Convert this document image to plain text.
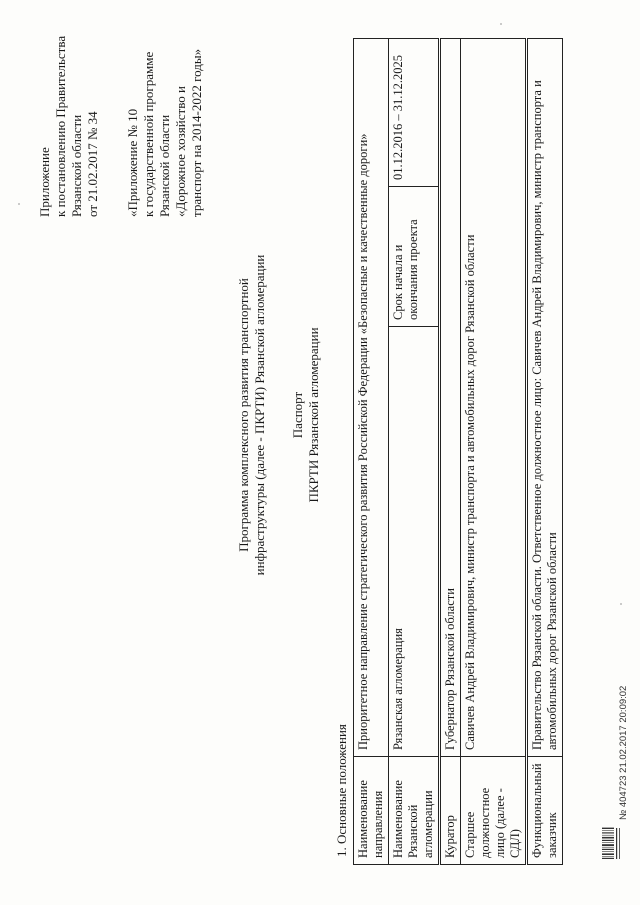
Приложение к постановлению Правительства Рязанской области от 21.02.2017 № 34 «Приложение № 10 к государственной программе Рязанской области «Дорожное хозяйство и транспорт на 2014-2022 годы»
Программа комплексного развития транспортной инфраструктуры (далее - ПКРТИ) Рязанской агломерации Паспорт ПКРТИ Рязанской агломерации
1. Основные положения Наименование направления	Приоритетное направление стратегического развития Российской Федерации «Безопасные и качественные дороги»		
Наименование Рязанской агломерации	Рязанская агломерация	Срок начала и окончания проекта	01.12.2016 – 31.12.2025
Куратор	Губернатор Рязанской области		
Старшее должностное лицо (далее - СДЛ)	Савичев Андрей Владимирович, министр транспорта и автомобильных дорог Рязанской области		
Функциональный заказчик	Правительство Рязанской области. Ответственное должностное лицо: Савичев Андрей Владимирович, министр транспорта и автомобильных дорог Рязанской области		
№ 404723 21.02.2017 20:09:02
